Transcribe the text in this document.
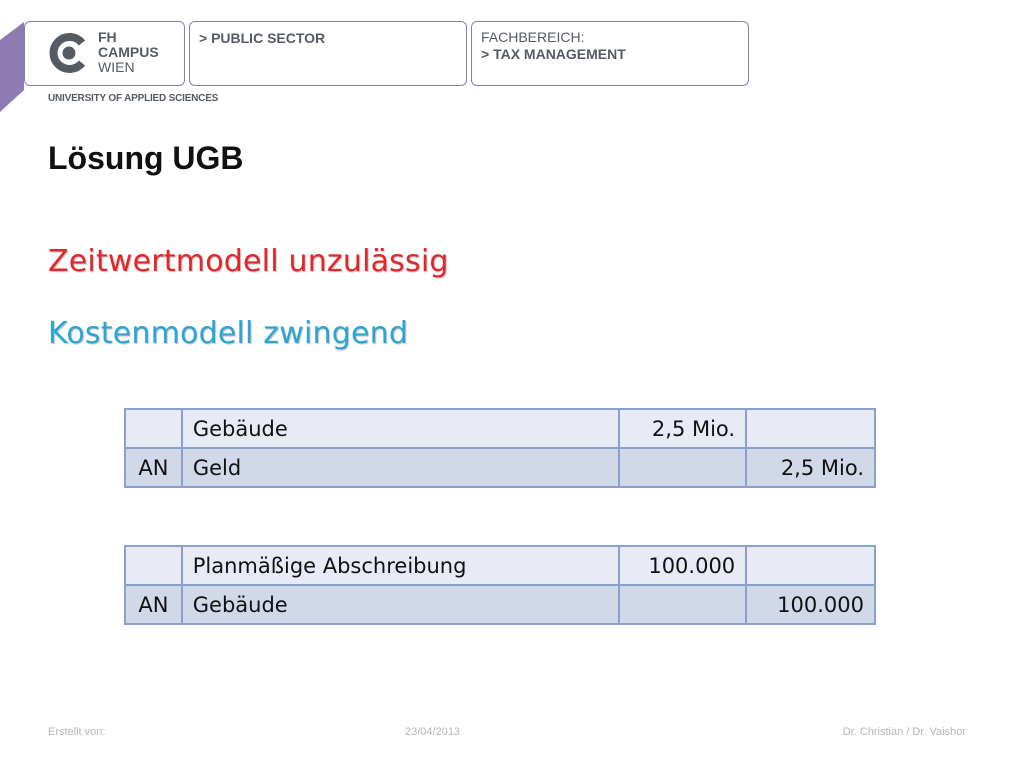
FH
CAMPUS
WIEN
> PUBLIC SECTOR	FACHBEREICH:
> TAX MANAGEMENT
UNIVERSITY OF APPLIED SCIENCES
Lösung UGB

Zeitwertmodell unzulässig

Kostenmodell zwingend

	Gebäude	2,5 Mio.	
AN	Geld		2,5 Mio.
	Planmäßige Abschreibung	100.000	
AN	Gebäude		100.000
Erstellt von:	23/04/2013	Dr. Christian / Dr. Vaishor
